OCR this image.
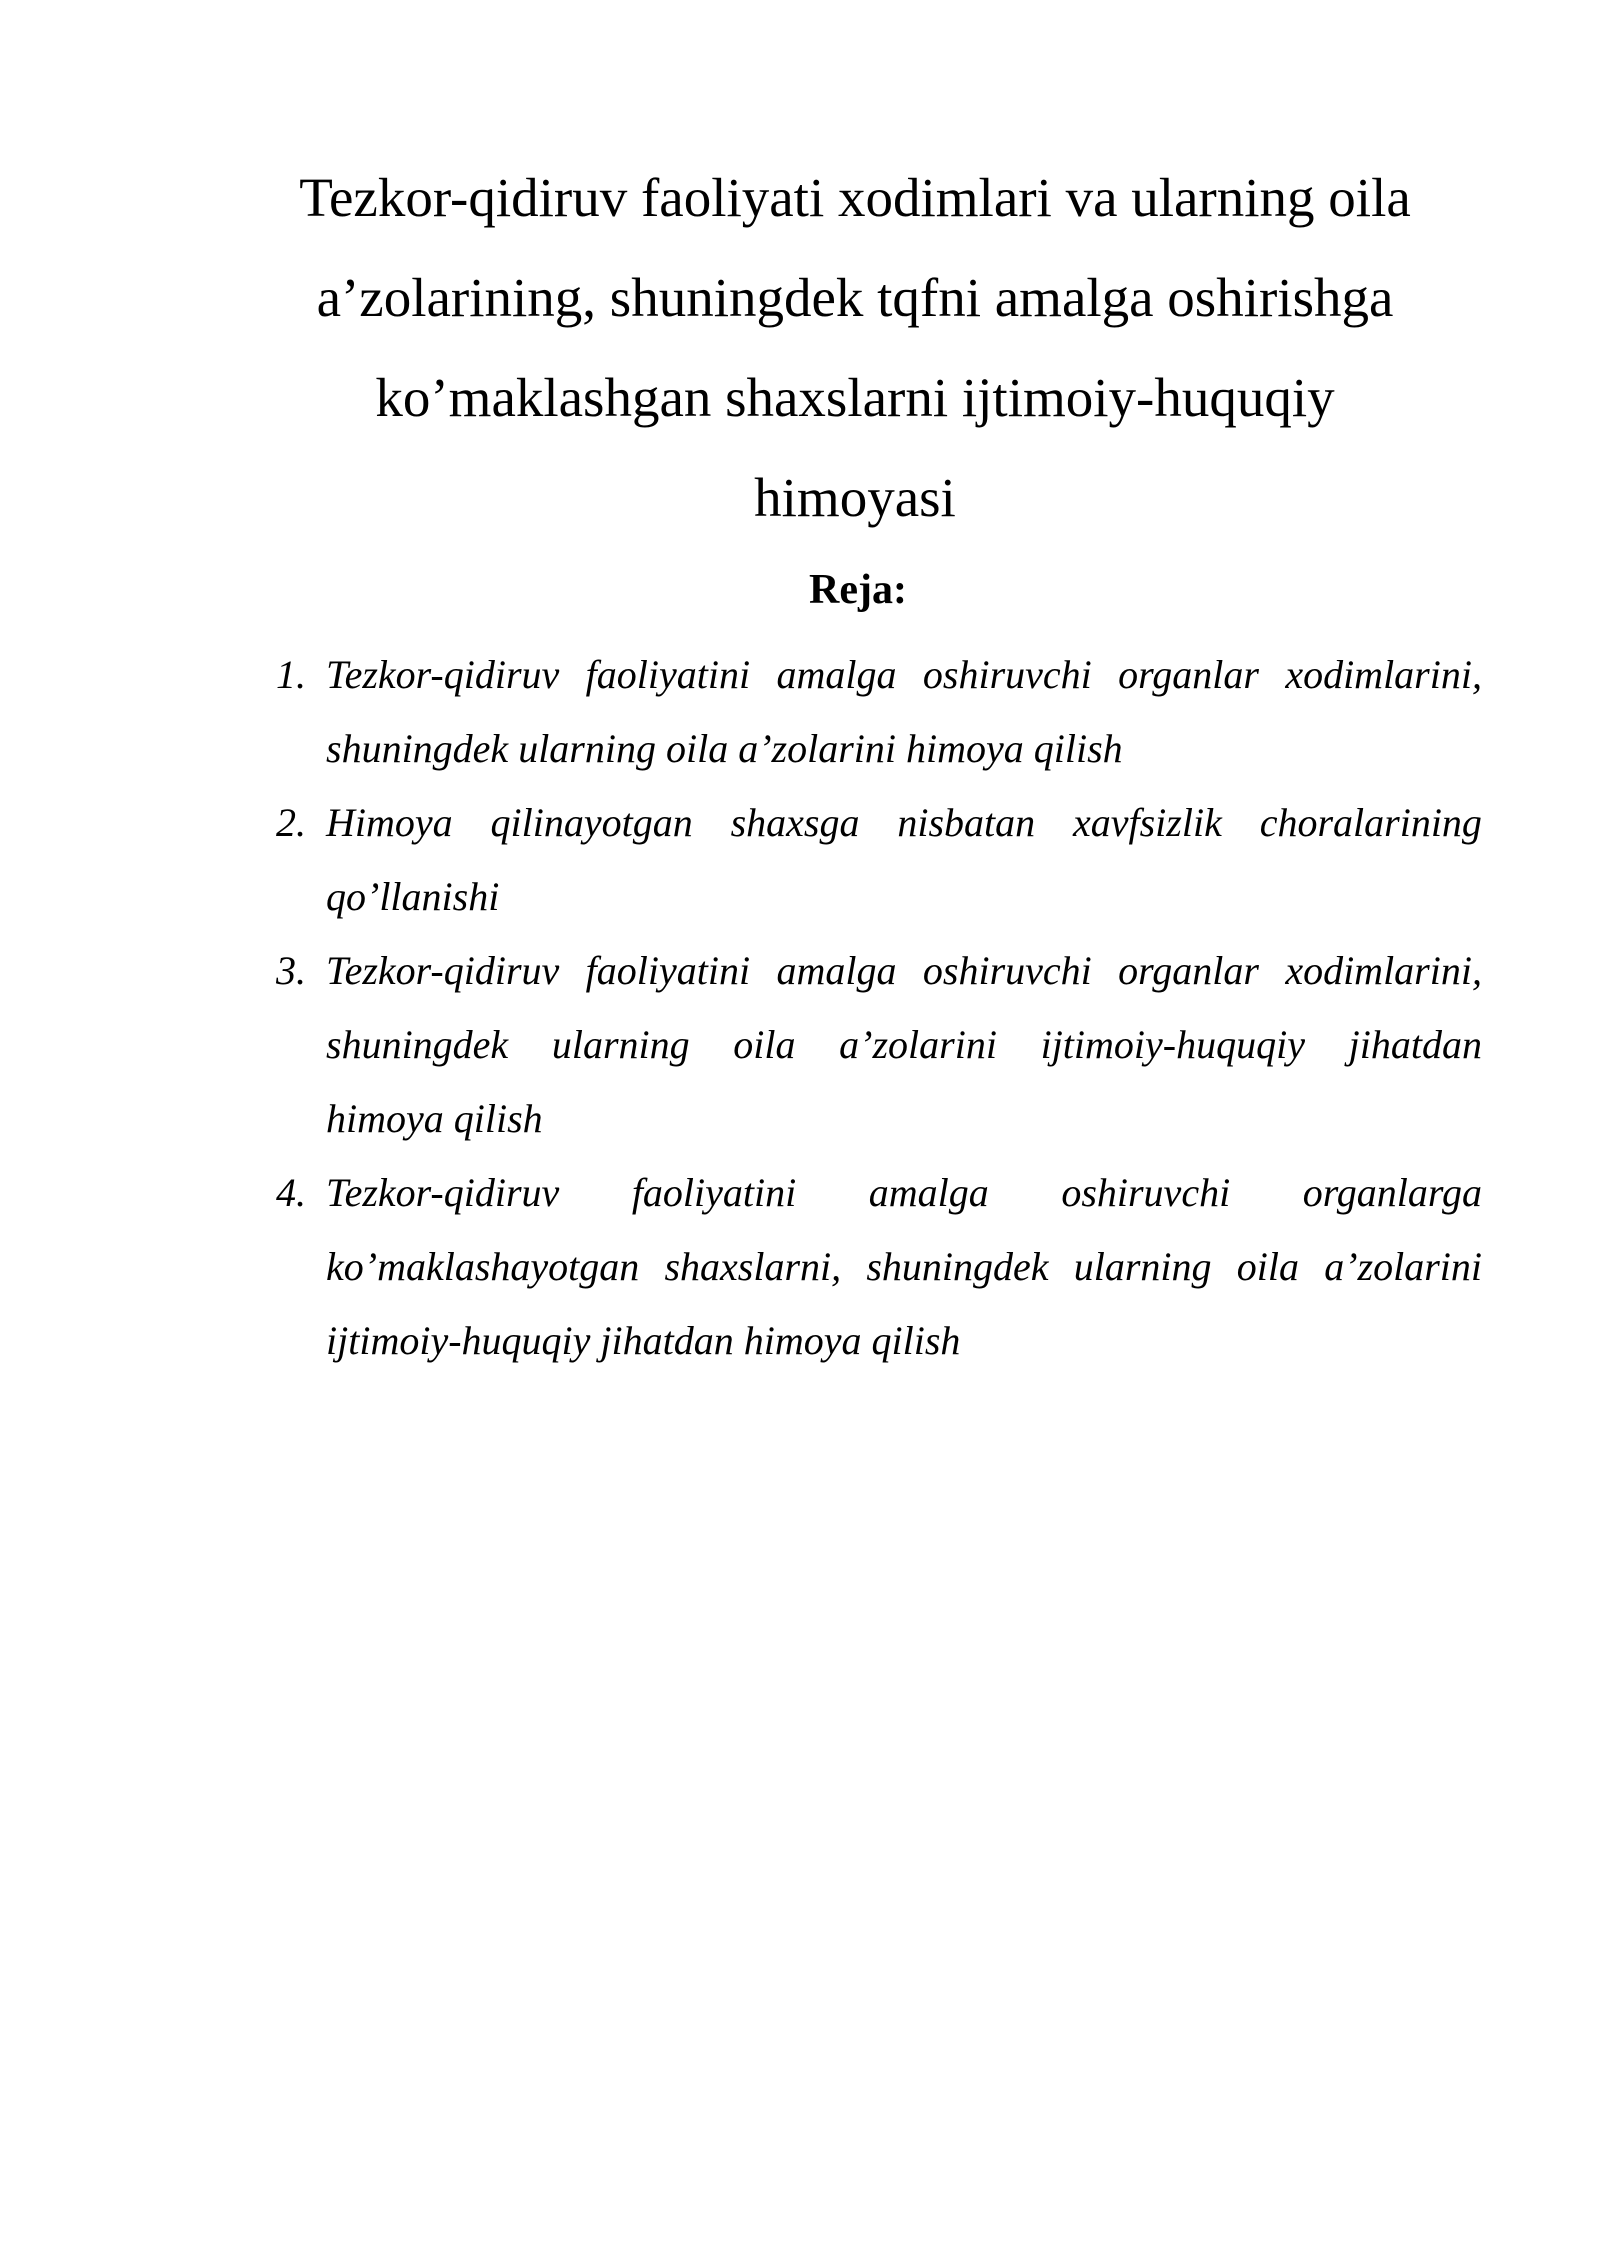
Tezkor-qidiruv faoliyati xodimlari va ularning oila
a’zolarining, shuningdek tqfni amalga oshirishga
ko’maklashgan shaxslarni ijtimoiy-huquqiy
himoyasi
Reja:
1. Tezkor-qidiruv faoliyatini amalga oshiruvchi organlar xodimlarini,
shuningdek ularning oila a’zolarini himoya qilish
2. Himoya qilinayotgan shaxsga nisbatan xavfsizlik choralarining
qo’llanishi
3. Tezkor-qidiruv faoliyatini amalga oshiruvchi organlar xodimlarini,
shuningdek ularning oila a’zolarini ijtimoiy-huquqiy jihatdan
himoya qilish
4. Tezkor-qidiruv faoliyatini amalga oshiruvchi organlarga
ko’maklashayotgan shaxslarni, shuningdek ularning oila a’zolarini
ijtimoiy-huquqiy jihatdan himoya qilish
